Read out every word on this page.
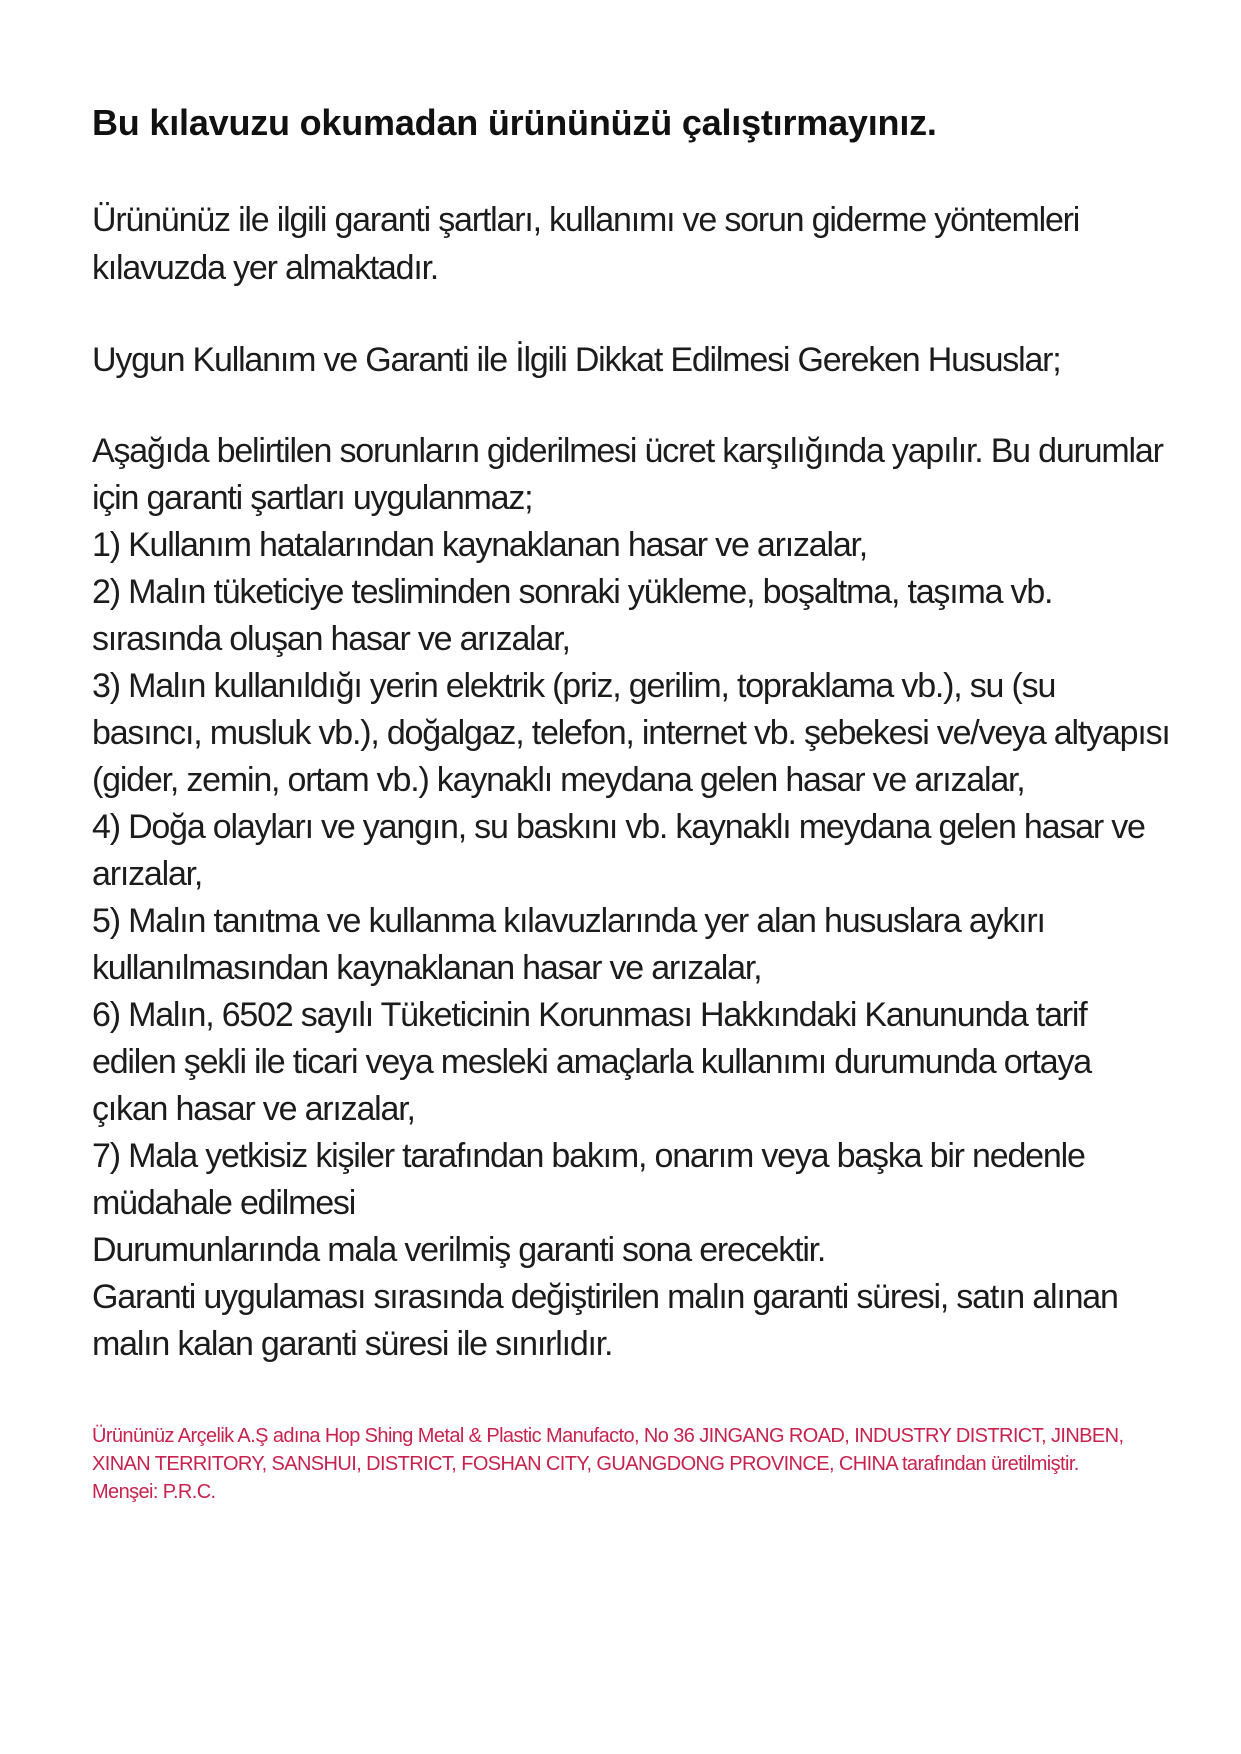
Bu kılavuzu okumadan ürününüzü çalıştırmayınız.

Ürününüz ile ilgili garanti şartları, kullanımı ve sorun giderme yöntemleri kılavuzda yer almaktadır.

Uygun Kullanım ve Garanti ile İlgili Dikkat Edilmesi Gereken Hususlar;

Aşağıda belirtilen sorunların giderilmesi ücret karşılığında yapılır. Bu durumlar için garanti şartları uygulanmaz;

1) Kullanım hatalarından kaynaklanan hasar ve arızalar,

2) Malın tüketiciye tesliminden sonraki yükleme, boşaltma, taşıma vb. sırasında oluşan hasar ve arızalar,

3) Malın kullanıldığı yerin elektrik (priz, gerilim, topraklama vb.), su (su basıncı, musluk vb.), doğalgaz, telefon, internet vb. şebekesi ve/veya altyapısı (gider, zemin, ortam vb.) kaynaklı meydana gelen hasar ve arızalar,

4) Doğa olayları ve yangın, su baskını vb. kaynaklı meydana gelen hasar ve arızalar,

5) Malın tanıtma ve kullanma kılavuzlarında yer alan hususlara aykırı kullanılmasından kaynaklanan hasar ve arızalar,

6) Malın, 6502 sayılı Tüketicinin Korunması Hakkındaki Kanununda tarif edilen şekli ile ticari veya mesleki amaçlarla kullanımı durumunda ortaya çıkan hasar ve arızalar,

7) Mala yetkisiz kişiler tarafından bakım, onarım veya başka bir nedenle müdahale edilmesi

Durumunlarında mala verilmiş garanti sona erecektir.

Garanti uygulaması sırasında değiştirilen malın garanti süresi, satın alınan malın kalan garanti süresi ile sınırlıdır.

Ürününüz Arçelik A.Ş adına Hop Shing Metal & Plastic Manufacto, No 36 JINGANG ROAD, INDUSTRY DISTRICT, JINBEN, XINAN TERRITORY, SANSHUI, DISTRICT, FOSHAN CITY, GUANGDONG PROVINCE, CHINA tarafından üretilmiştir.

Menşei: P.R.C.
